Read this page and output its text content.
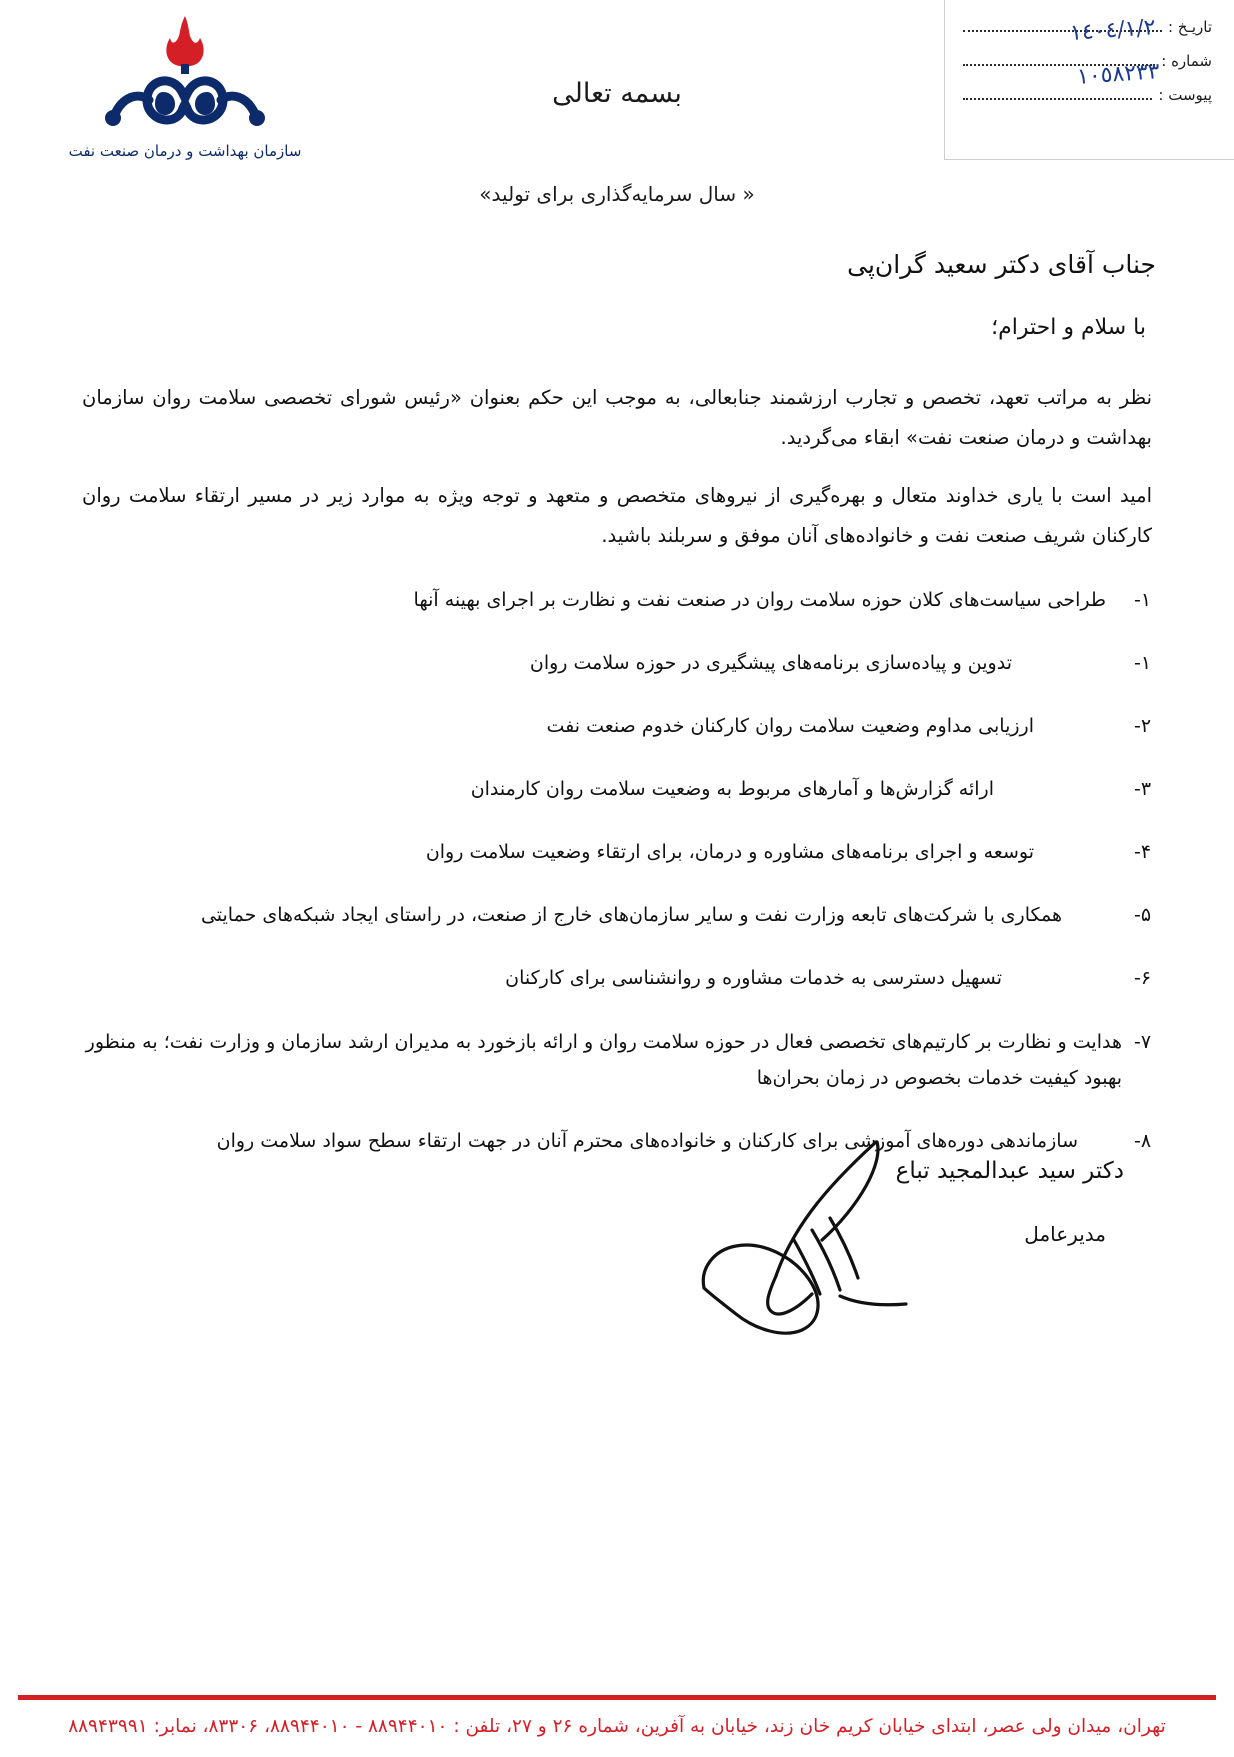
تاریـخ :
شماره :
پیوست :
١٤٠٤/١/٢
١٠٥٨٢٣٣
سازمان بهداشت و درمان صنعت نفت
بسمه تعالی
« سال سرمایه‌گذاری برای تولید»
جناب آقای دکتر سعید گران‌پی
با سلام و احترام؛
نظر به مراتب تعهد، تخصص و تجارب ارزشمند جنابعالی، به موجب این حکم بعنوان «رئیس شورای تخصصی سلامت روان سازمان بهداشت و درمان صنعت نفت» ابقاء می‌گردید.
امید است با یاری خداوند متعال و بهره‌گیری از نیروهای متخصص و متعهد و توجه ویژه به موارد زیر در مسیر ارتقاء سلامت روان کارکنان شریف صنعت نفت و خانواده‌های آنان موفق و سربلند باشید.
١-
طراحی سیاست‌های کلان حوزه سلامت روان در صنعت نفت و نظارت بر اجرای بهینه آنها
١-
تدوین و پیاده‌سازی برنامه‌های پیشگیری در حوزه سلامت روان
٢-
ارزیابی مداوم وضعیت سلامت روان کارکنان خدوم صنعت نفت
٣-
ارائه گزارش‌ها و آمارهای مربوط به وضعیت سلامت روان کارمندان
۴-
توسعه و اجرای برنامه‌های مشاوره و درمان، برای ارتقاء وضعیت سلامت روان
۵-
همکاری با شرکت‌های تابعه وزارت نفت و سایر سازمان‌های خارج از صنعت، در راستای ایجاد شبکه‌های حمایتی
۶-
تسهیل دسترسی به خدمات مشاوره و روانشناسی برای کارکنان
٧-
هدایت و نظارت بر کارتیم‌های تخصصی فعال در حوزه سلامت روان و ارائه بازخورد به مدیران ارشد سازمان و وزارت نفت؛ به منظور بهبود کیفیت خدمات بخصوص در زمان بحران‌ها
٨-
سازماندهی دوره‌های آموزشی برای کارکنان و خانواده‌های محترم آنان در جهت ارتقاء سطح سواد سلامت روان
دکتر سید عبدالمجید تباع
مدیرعامل
تهران، میدان ولی عصر، ابتدای خیابان کریم خان زند، خیابان به آفرین، شماره ۲۶ و ۲۷، تلفن : ۸۸۹۴۴۰۱۰ - ۸۸۹۴۴۰۱۰، ۸۳۳۰۶، نمابر: ۸۸۹۴۳۹۹۱
